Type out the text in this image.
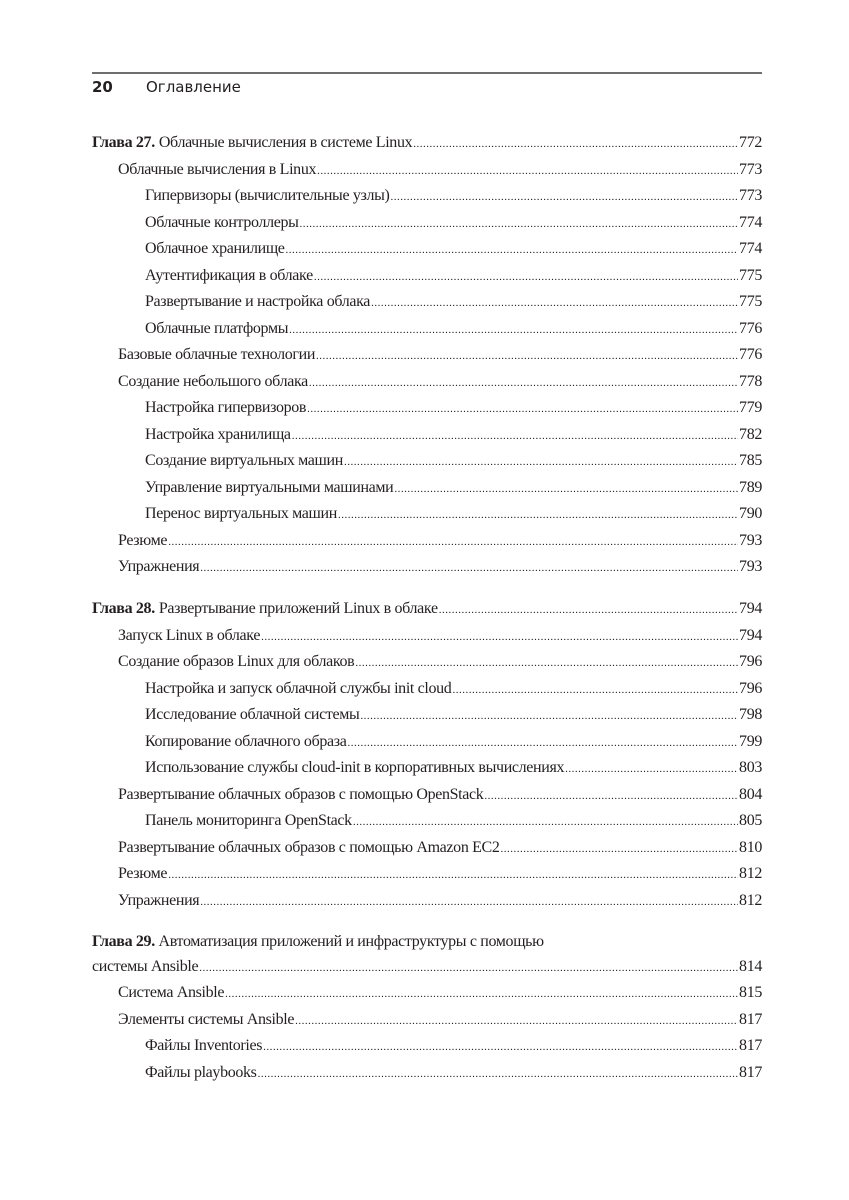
20 Оглавление
Глава 27. Облачные вычисления в системе Linux .....	772
Облачные вычисления в Linux .....	773
Гипервизоры (вычислительные узлы) .....	773
Облачные контроллеры .....	774
Облачное хранилище .....	774
Аутентификация в облаке .....	775
Развертывание и настройка облака .....	775
Облачные платформы .....	776
Базовые облачные технологии .....	776
Создание небольшого облака .....	778
Настройка гипервизоров .....	779
Настройка хранилища .....	782
Создание виртуальных машин .....	785
Управление виртуальными машинами .....	789
Перенос виртуальных машин .....	790
Резюме .....	793
Упражнения .....	793
Глава 28. Развертывание приложений Linux в облаке .....	794
Запуск Linux в облаке .....	794
Создание образов Linux для облаков .....	796
Настройка и запуск облачной службы init cloud .....	796
Исследование облачной системы .....	798
Копирование облачного образа .....	799
Использование службы cloud-init в корпоративных вычислениях .....	803
Развертывание облачных образов с помощью OpenStack .....	804
Панель мониторинга OpenStack .....	805
Развертывание облачных образов с помощью Amazon EC2 .....	810
Резюме .....	812
Упражнения .....	812
Глава 29. Автоматизация приложений и инфраструктуры с помощью
системы Ansible .....	814
Система Ansible .....	815
Элементы системы Ansible .....	817
Файлы Inventories .....	817
Файлы playbooks .....	817
